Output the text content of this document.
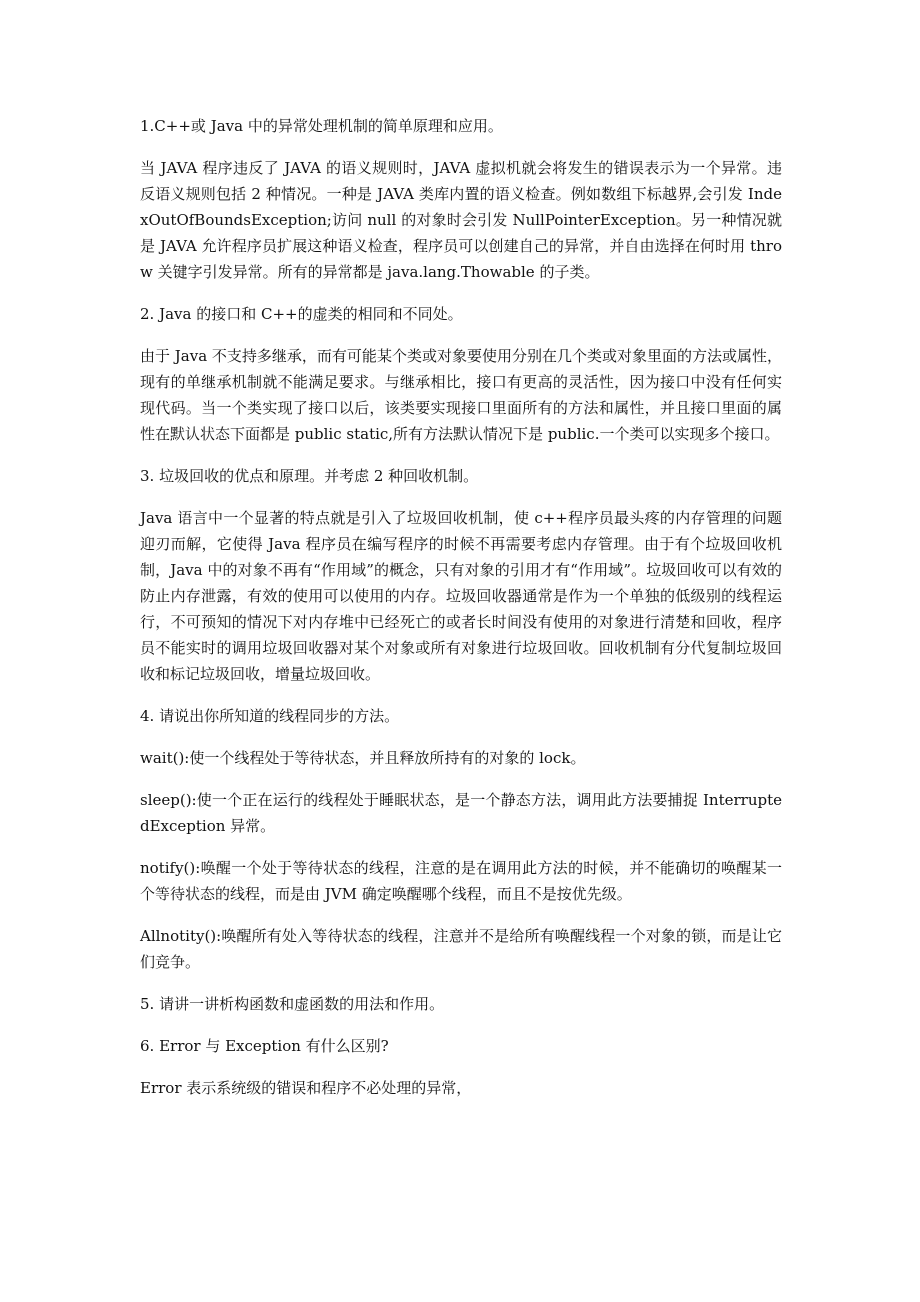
1.C++或 Java 中的异常处理机制的简单原理和应用。

当 JAVA 程序违反了 JAVA 的语义规则时，JAVA 虚拟机就会将发生的错误表示为一个异常。违反语义规则包括 2 种情况。一种是 JAVA 类库内置的语义检查。例如数组下标越界,会引发 IndexOutOfBoundsException;访问 null 的对象时会引发 NullPointerException。另一种情况就是 JAVA 允许程序员扩展这种语义检查，程序员可以创建自己的异常，并自由选择在何时用 throw 关键字引发异常。所有的异常都是 java.lang.Thowable 的子类。

2. Java 的接口和 C++的虚类的相同和不同处。

由于 Java 不支持多继承，而有可能某个类或对象要使用分别在几个类或对象里面的方法或属性，现有的单继承机制就不能满足要求。与继承相比，接口有更高的灵活性，因为接口中没有任何实现代码。当一个类实现了接口以后，该类要实现接口里面所有的方法和属性，并且接口里面的属性在默认状态下面都是 public static,所有方法默认情况下是 public.一个类可以实现多个接口。

3. 垃圾回收的优点和原理。并考虑 2 种回收机制。

Java 语言中一个显著的特点就是引入了垃圾回收机制，使 c++程序员最头疼的内存管理的问题迎刃而解，它使得 Java 程序员在编写程序的时候不再需要考虑内存管理。由于有个垃圾回收机制，Java 中的对象不再有“作用域”的概念，只有对象的引用才有“作用域”。垃圾回收可以有效的防止内存泄露，有效的使用可以使用的内存。垃圾回收器通常是作为一个单独的低级别的线程运行，不可预知的情况下对内存堆中已经死亡的或者长时间没有使用的对象进行清楚和回收，程序员不能实时的调用垃圾回收器对某个对象或所有对象进行垃圾回收。回收机制有分代复制垃圾回收和标记垃圾回收，增量垃圾回收。

4. 请说出你所知道的线程同步的方法。

wait():使一个线程处于等待状态，并且释放所持有的对象的 lock。

sleep():使一个正在运行的线程处于睡眠状态，是一个静态方法，调用此方法要捕捉 InterruptedException 异常。

notify():唤醒一个处于等待状态的线程，注意的是在调用此方法的时候，并不能确切的唤醒某一个等待状态的线程，而是由 JVM 确定唤醒哪个线程，而且不是按优先级。

Allnotity():唤醒所有处入等待状态的线程，注意并不是给所有唤醒线程一个对象的锁，而是让它们竞争。

5. 请讲一讲析构函数和虚函数的用法和作用。

6. Error 与 Exception 有什么区别?

Error 表示系统级的错误和程序不必处理的异常，
